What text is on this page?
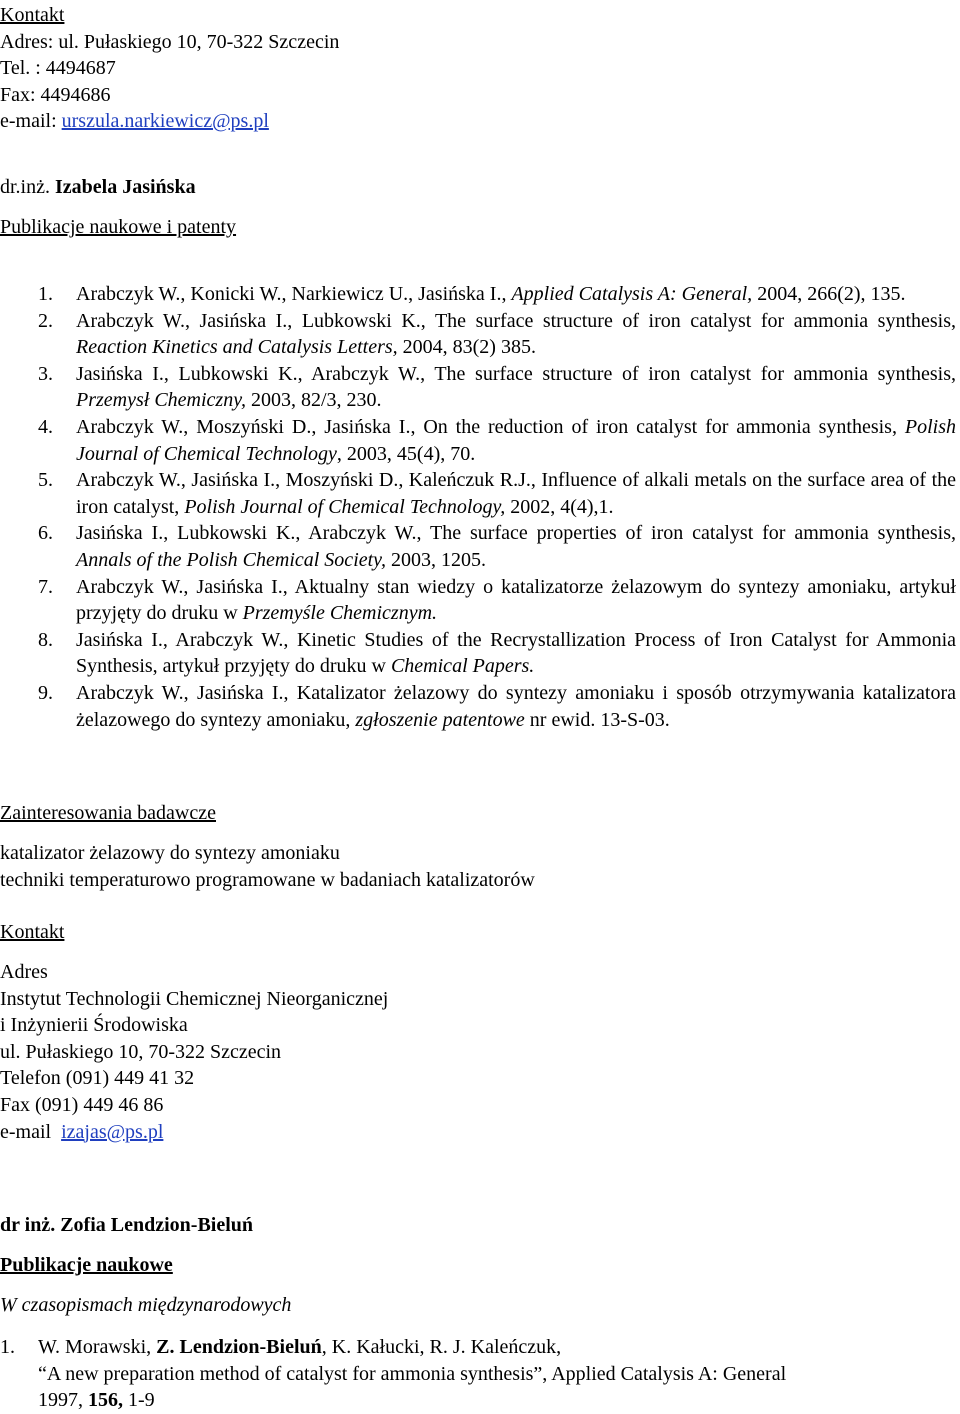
Kontakt
Adres: ul. Pułaskiego 10, 70-322 Szczecin
Tel. : 4494687
Fax: 4494686
e-mail: urszula.narkiewicz@ps.pl
dr.inż. Izabela Jasińska
Publikacje naukowe i patenty
1. Arabczyk W., Konicki W., Narkiewicz U., Jasińska I., Applied Catalysis A: General, 2004, 266(2), 135.
2. Arabczyk W., Jasińska I., Lubkowski K., The surface structure of iron catalyst for ammonia synthesis, Reaction Kinetics and Catalysis Letters, 2004, 83(2) 385.
3. Jasińska I., Lubkowski K., Arabczyk W., The surface structure of iron catalyst for ammonia synthesis, Przemysł Chemiczny, 2003, 82/3, 230.
4. Arabczyk W., Moszyński D., Jasińska I., On the reduction of iron catalyst for ammonia synthesis, Polish Journal of Chemical Technology, 2003, 45(4), 70.
5. Arabczyk W., Jasińska I., Moszyński D., Kaleńczuk R.J., Influence of alkali metals on the surface area of the iron catalyst, Polish Journal of Chemical Technology, 2002, 4(4),1.
6. Jasińska I., Lubkowski K., Arabczyk W., The surface properties of iron catalyst for ammonia synthesis, Annals of the Polish Chemical Society, 2003, 1205.
7. Arabczyk W., Jasińska I., Aktualny stan wiedzy o katalizatorze żelazowym do syntezy amoniaku, artykuł przyjęty do druku w Przemyśle Chemicznym.
8. Jasińska I., Arabczyk W., Kinetic Studies of the Recrystallization Process of Iron Catalyst for Ammonia Synthesis, artykuł przyjęty do druku w Chemical Papers.
9. Arabczyk W., Jasińska I., Katalizator żelazowy do syntezy amoniaku i sposób otrzymywania katalizatora żelazowego do syntezy amoniaku, zgłoszenie patentowe nr ewid. 13-S-03.
Zainteresowania badawcze
katalizator żelazowy do syntezy amoniaku
techniki temperaturowo programowane w badaniach katalizatorów
Kontakt
Adres
Instytut Technologii Chemicznej Nieorganicznej
i Inżynierii Środowiska
ul. Pułaskiego 10, 70-322 Szczecin
Telefon (091) 449 41 32
Fax (091) 449 46 86
e-mail  izajas@ps.pl
dr inż. Zofia Lendzion-Bieluń
Publikacje naukowe
W czasopismach międzynarodowych
1. W. Morawski, Z. Lendzion-Bieluń, K. Kałucki, R. J. Kaleńczuk,
“A new preparation method of catalyst for ammonia synthesis”, Applied Catalysis A: General
1997, 156, 1-9
